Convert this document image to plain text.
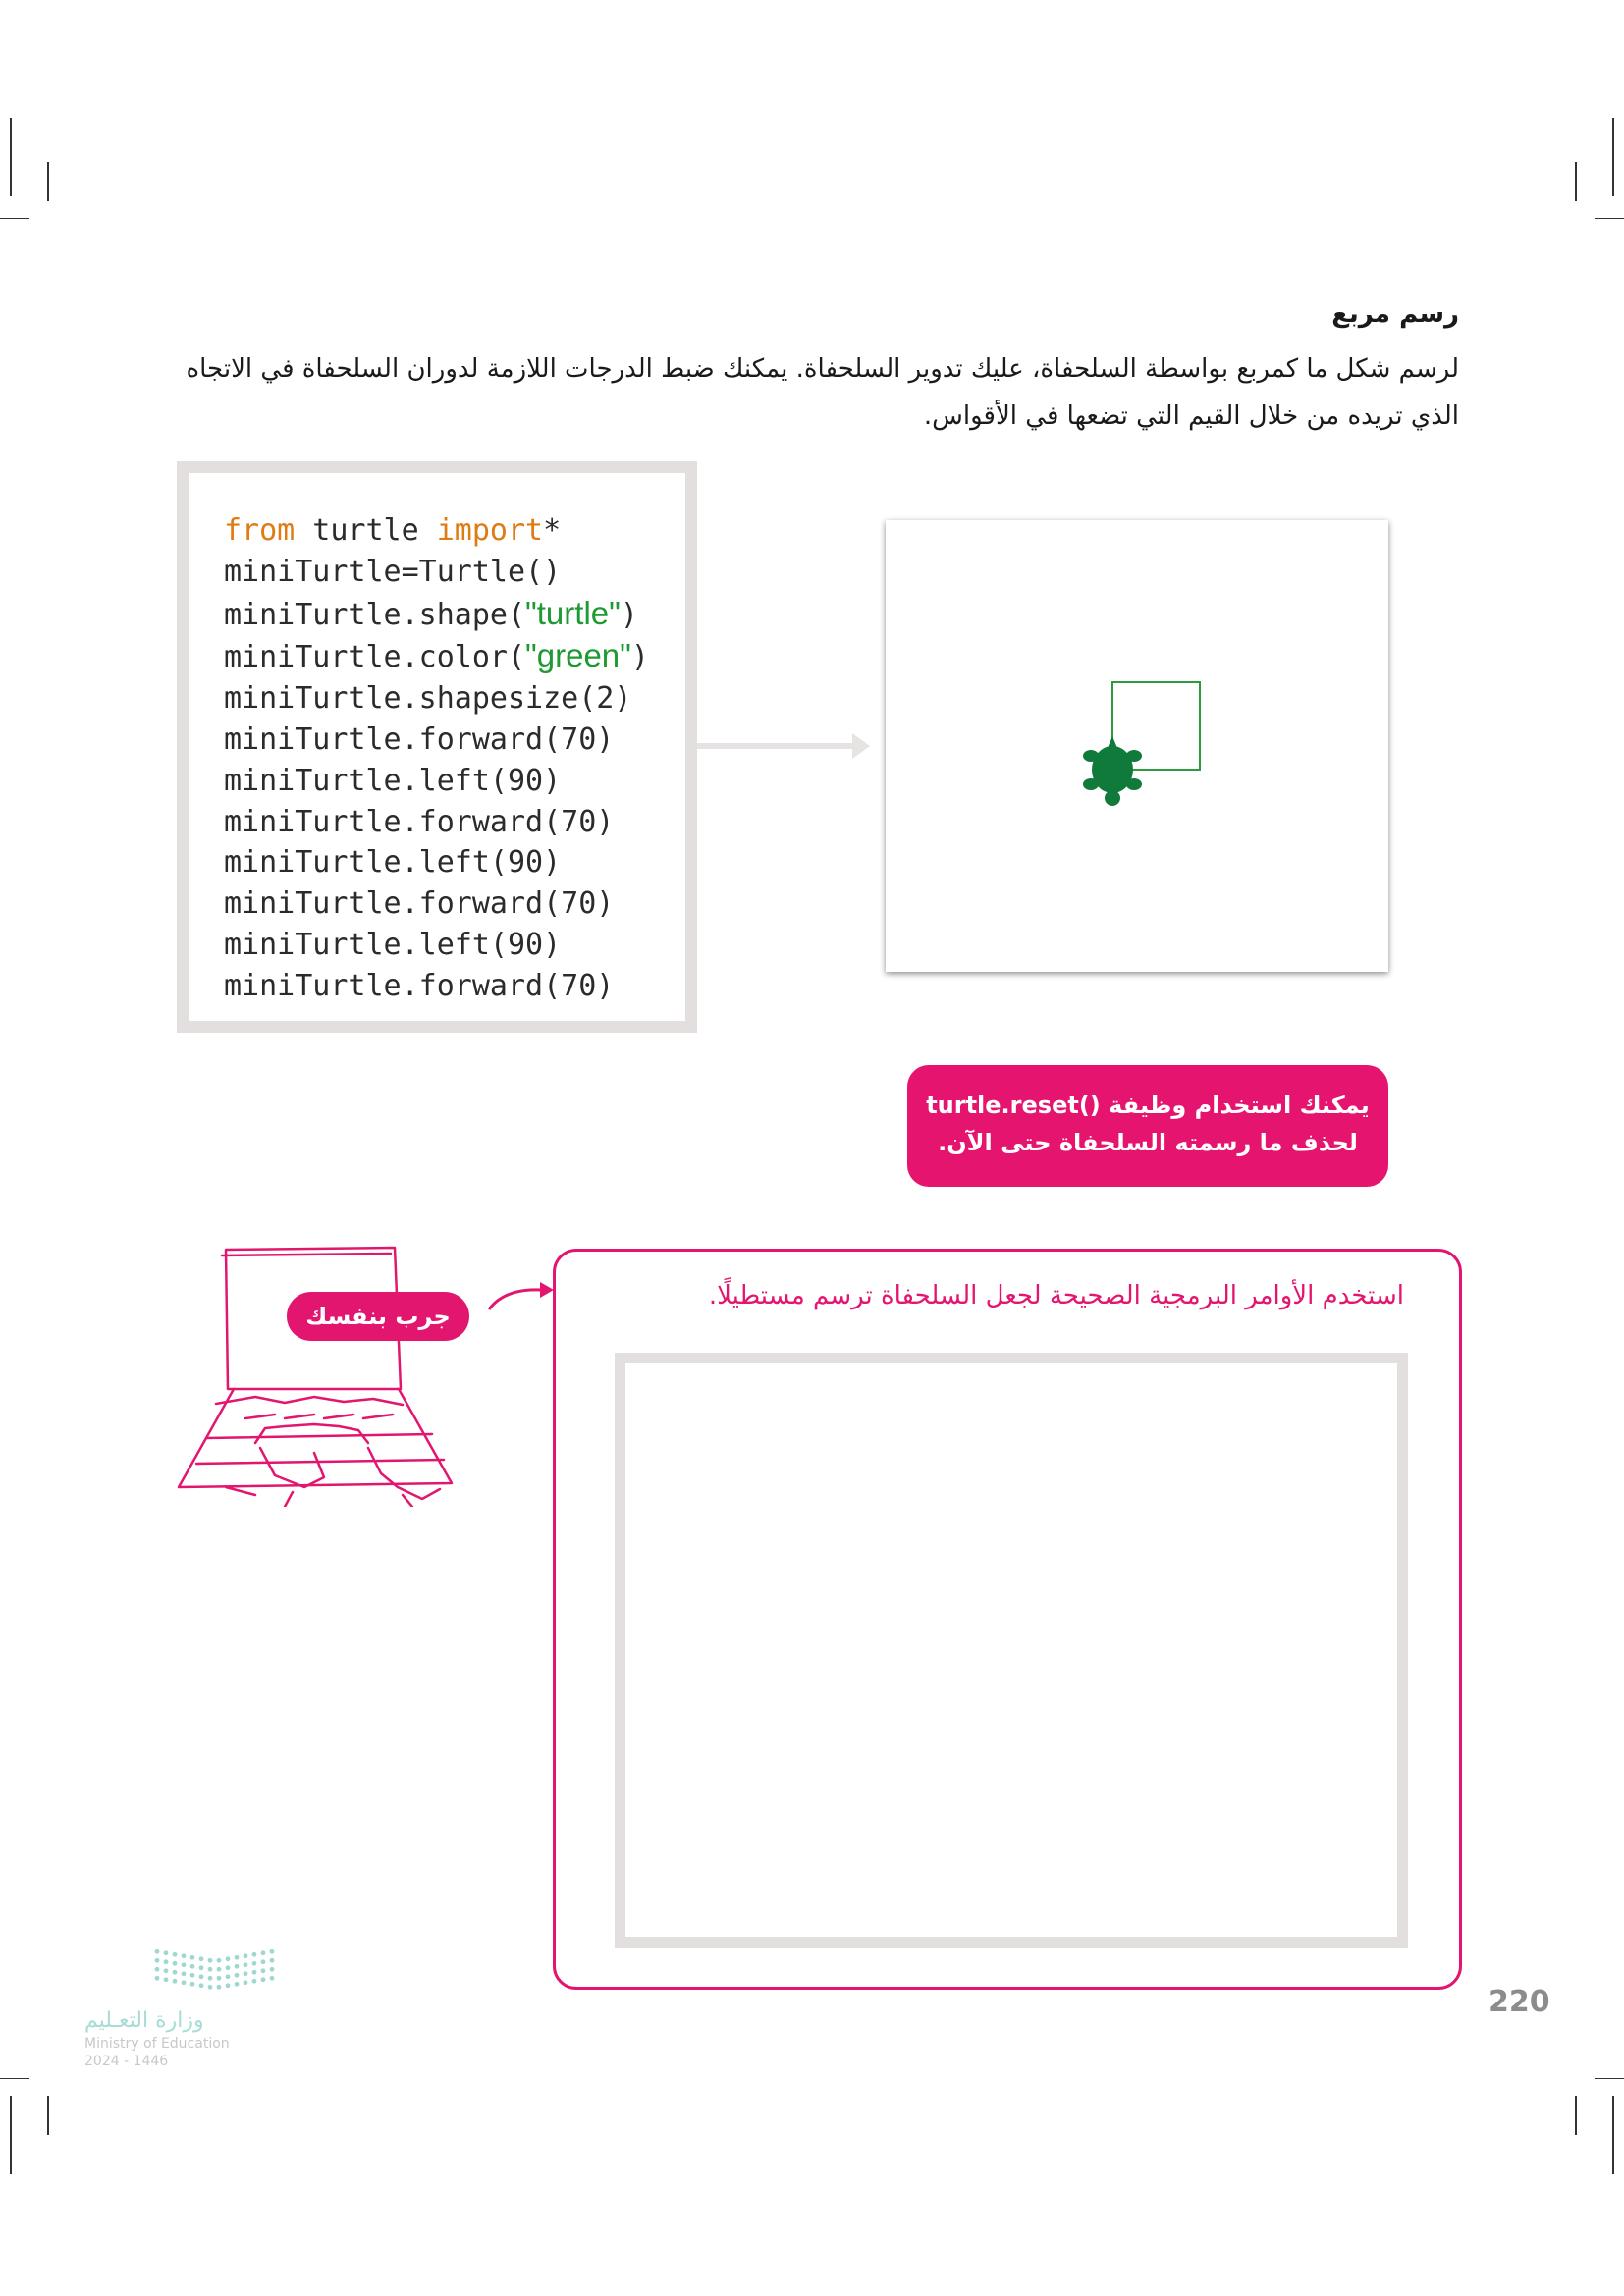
رسم مربع
لرسم شكل ما كمربع بواسطة السلحفاة، عليك تدوير السلحفاة. يمكنك ضبط الدرجات اللازمة لدوران السلحفاة في الاتجاه الذي تريده من خلال القيم التي تضعها في الأقواس.
from turtle import*
miniTurtle=Turtle()
miniTurtle.shape("turtle")
miniTurtle.color("green")
miniTurtle.shapesize(2)
miniTurtle.forward(70)
miniTurtle.left(90)
miniTurtle.forward(70)
miniTurtle.left(90)
miniTurtle.forward(70)
miniTurtle.left(90)
miniTurtle.forward(70)
يمكنك استخدام وظيفة ()turtle.reset
لحذف ما رسمته السلحفاة حتى الآن.
جرب بنفسك
استخدم الأوامر البرمجية الصحيحة لجعل السلحفاة ترسم مستطيلًا.
220
وزارة التعـليم
Ministry of Education
2024 - 1446
